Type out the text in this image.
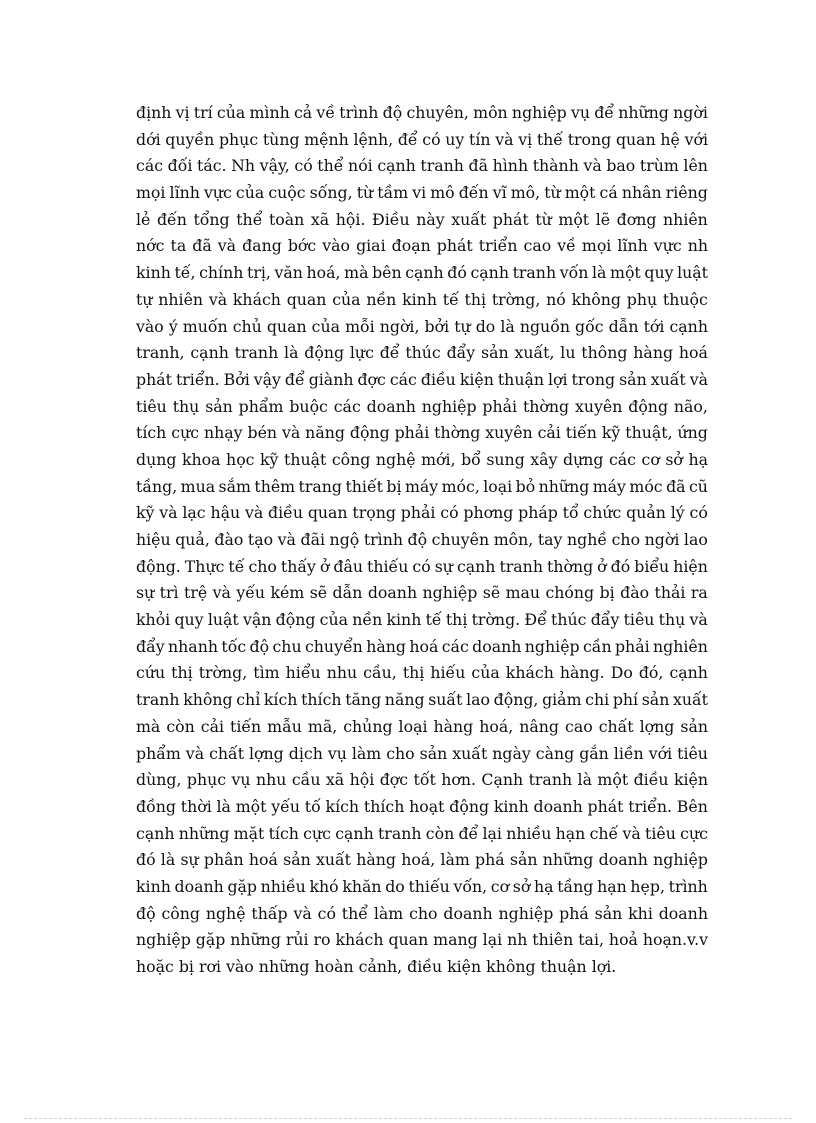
định vị trí của mình cả về trình độ chuyên, môn nghiệp vụ để những ngời
dới quyền phục tùng mệnh lệnh, để có uy tín và vị thế trong quan hệ với
các đối tác. Nh vậy, có thể nói cạnh tranh đã hình thành và bao trùm lên
mọi lĩnh vực của cuộc sống, từ tầm vi mô đến vĩ mô, từ một cá nhân riêng
lẻ đến tổng thể toàn xã hội. Điều này xuất phát từ một lẽ đơng nhiên
nớc ta đã và đang bớc vào giai đoạn phát triển cao về mọi lĩnh vực nh
kinh tế, chính trị, văn hoá, mà bên cạnh đó cạnh tranh vốn là một quy luật
tự nhiên và khách quan của nền kinh tế thị trờng, nó không phụ thuộc
vào ý muốn chủ quan của mỗi ngời, bởi tự do là nguồn gốc dẫn tới cạnh
tranh, cạnh tranh là động lực để thúc đẩy sản xuất, lu thông hàng hoá
phát triển. Bởi vậy để giành đợc các điều kiện thuận lợi trong sản xuất và
tiêu thụ sản phẩm buộc các doanh nghiệp phải thờng xuyên động não,
tích cực nhạy bén và năng động phải thờng xuyên cải tiến kỹ thuật, ứng
dụng khoa học kỹ thuật công nghệ mới, bổ sung xây dựng các cơ sở hạ
tầng, mua sắm thêm trang thiết bị máy móc, loại bỏ những máy móc đã cũ
kỹ và lạc hậu và điều quan trọng phải có phơng pháp tổ chức quản lý có
hiệu quả, đào tạo và đãi ngộ trình độ chuyên môn, tay nghề cho ngời lao
động. Thực tế cho thấy ở đâu thiếu có sự cạnh tranh thờng ở đó biểu hiện
sự trì trệ và yếu kém sẽ dẫn doanh nghiệp sẽ mau chóng bị đào thải ra
khỏi quy luật vận động của nền kinh tế thị trờng. Để thúc đẩy tiêu thụ và
đẩy nhanh tốc độ chu chuyển hàng hoá các doanh nghiệp cần phải nghiên
cứu thị trờng, tìm hiểu nhu cầu, thị hiếu của khách hàng. Do đó, cạnh
tranh không chỉ kích thích tăng năng suất lao động, giảm chi phí sản xuất
mà còn cải tiến mẫu mã, chủng loại hàng hoá, nâng cao chất lợng sản
phẩm và chất lợng dịch vụ làm cho sản xuất ngày càng gắn liền với tiêu
dùng, phục vụ nhu cầu xã hội đợc tốt hơn. Cạnh tranh là một điều kiện
đồng thời là một yếu tố kích thích hoạt động kinh doanh phát triển. Bên
cạnh những mặt tích cực cạnh tranh còn để lại nhiều hạn chế và tiêu cực
đó là sự phân hoá sản xuất hàng hoá, làm phá sản những doanh nghiệp
kinh doanh gặp nhiều khó khăn do thiếu vốn, cơ sở hạ tầng hạn hẹp, trình
độ công nghệ thấp và có thể làm cho doanh nghiệp phá sản khi doanh
nghiệp gặp những rủi ro khách quan mang lại nh thiên tai, hoả hoạn.v.v
hoặc bị rơi vào những hoàn cảnh, điều kiện không thuận lợi.
